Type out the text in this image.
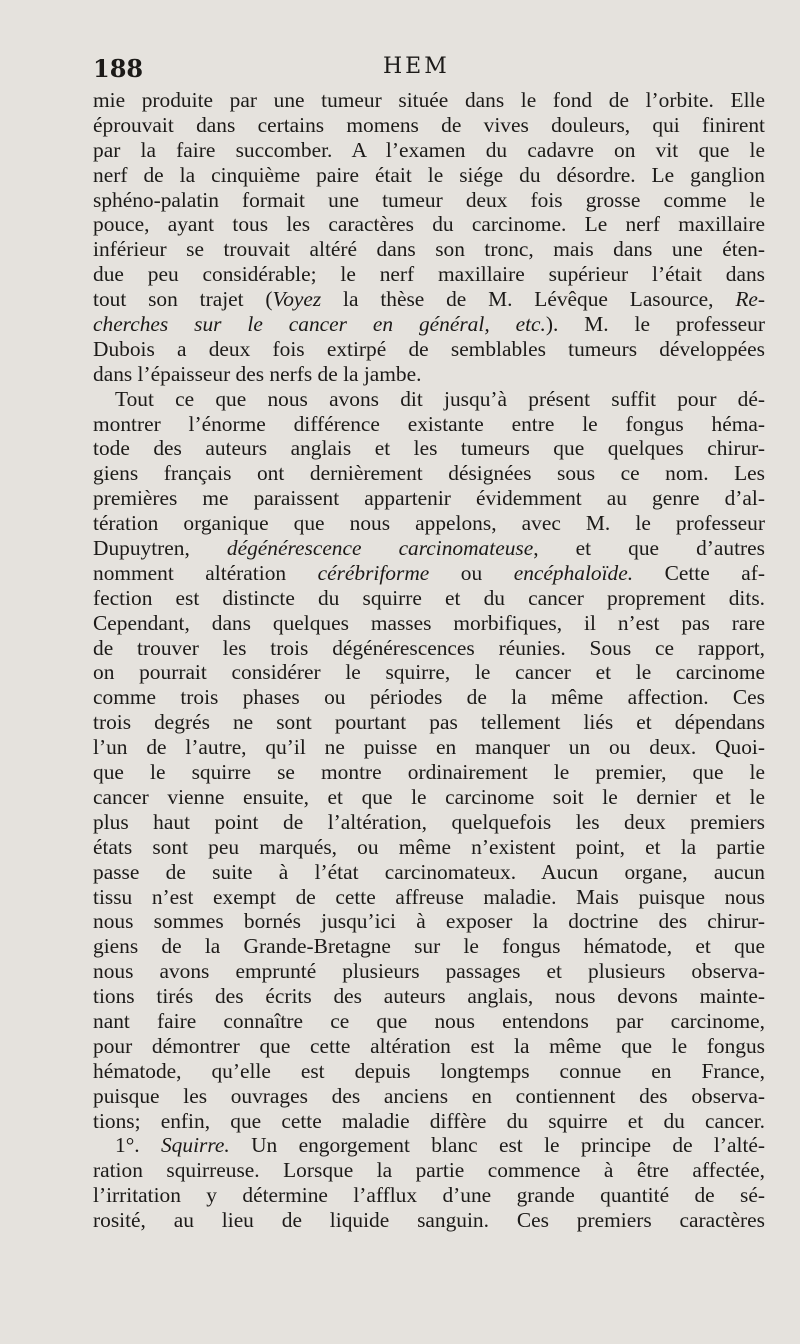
188	HEM
mie produite par une tumeur située dans le fond de l’orbite. Elle
éprouvait dans certains momens de vives douleurs, qui finirent
par la faire succomber. A l’examen du cadavre on vit que le
nerf de la cinquième paire était le siége du désordre. Le ganglion
sphéno-palatin formait une tumeur deux fois grosse comme le
pouce, ayant tous les caractères du carcinome. Le nerf maxillaire
inférieur se trouvait altéré dans son tronc, mais dans une éten-
due peu considérable; le nerf maxillaire supérieur l’était dans
tout son trajet (Voyez la thèse de M. Lévêque Lasource, Re-
cherches sur le cancer en général, etc.). M. le professeur
Dubois a deux fois extirpé de semblables tumeurs développées
dans l’épaisseur des nerfs de la jambe.
Tout ce que nous avons dit jusqu’à présent suffit pour dé-
montrer l’énorme différence existante entre le fongus héma-
tode des auteurs anglais et les tumeurs que quelques chirur-
giens français ont dernièrement désignées sous ce nom. Les
premières me paraissent appartenir évidemment au genre d’al-
tération organique que nous appelons, avec M. le professeur
Dupuytren, dégénérescence carcinomateuse, et que d’autres
nomment altération cérébriforme ou encéphaloïde. Cette af-
fection est distincte du squirre et du cancer proprement dits.
Cependant, dans quelques masses morbifiques, il n’est pas rare
de trouver les trois dégénérescences réunies. Sous ce rapport,
on pourrait considérer le squirre, le cancer et le carcinome
comme trois phases ou périodes de la même affection. Ces
trois degrés ne sont pourtant pas tellement liés et dépendans
l’un de l’autre, qu’il ne puisse en manquer un ou deux. Quoi-
que le squirre se montre ordinairement le premier, que le
cancer vienne ensuite, et que le carcinome soit le dernier et le
plus haut point de l’altération, quelquefois les deux premiers
états sont peu marqués, ou même n’existent point, et la partie
passe de suite à l’état carcinomateux. Aucun organe, aucun
tissu n’est exempt de cette affreuse maladie. Mais puisque nous
nous sommes bornés jusqu’ici à exposer la doctrine des chirur-
giens de la Grande-Bretagne sur le fongus hématode, et que
nous avons emprunté plusieurs passages et plusieurs observa-
tions tirés des écrits des auteurs anglais, nous devons mainte-
nant faire connaître ce que nous entendons par carcinome,
pour démontrer que cette altération est la même que le fongus
hématode, qu’elle est depuis longtemps connue en France,
puisque les ouvrages des anciens en contiennent des observa-
tions; enfin, que cette maladie diffère du squirre et du cancer.
1°. Squirre. Un engorgement blanc est le principe de l’alté-
ration squirreuse. Lorsque la partie commence à être affectée,
l’irritation y détermine l’afflux d’une grande quantité de sé-
rosité, au lieu de liquide sanguin. Ces premiers caractères
